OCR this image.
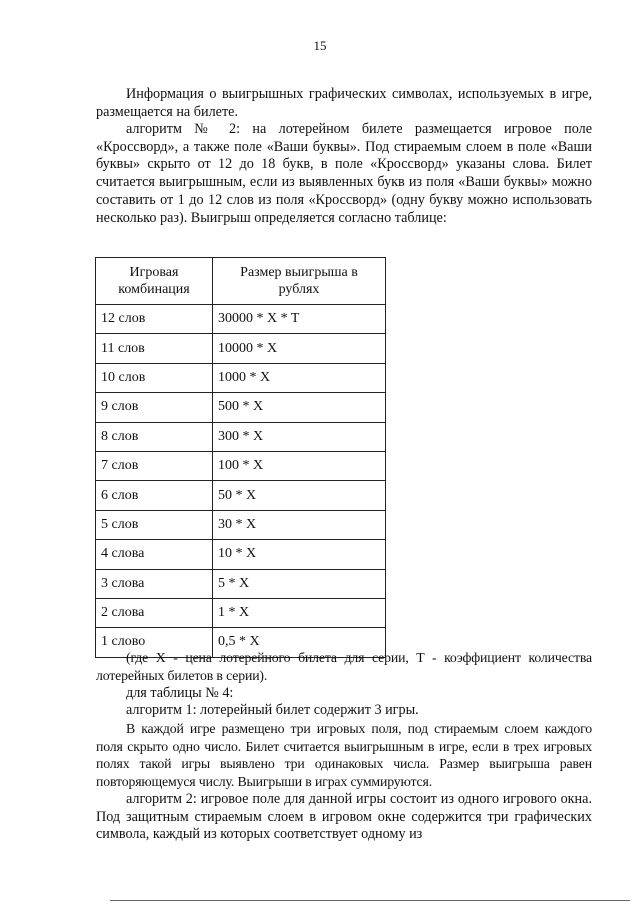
15

Информация о выигрышных графических символах, используемых в игре, размещается на билете.

алгоритм № 2: на лотерейном билете размещается игровое поле «Кроссворд», а также поле «Ваши буквы». Под стираемым слоем в поле «Ваши буквы» скрыто от 12 до 18 букв, в поле «Кроссворд» указаны слова. Билет считается выигрышным, если из выявленных букв из поля «Ваши буквы» можно составить от 1 до 12 слов из поля «Кроссворд» (одну букву можно использовать несколько раз). Выигрыш определяется согласно таблице:

Игровая комбинация	Размер выигрыша в рублях
12 слов	30000 * X * T
11 слов	10000 * X
10 слов	1000 * X
9 слов	500 * X
8 слов	300 * X
7 слов	100 * X
6 слов	50 * X
5 слов	30 * X
4 слова	10 * X
3 слова	5 * X
2 слова	1 * X
1 слово	0,5 * X

(где X - цена лотерейного билета для серии, T - коэффициент количества лотерейных билетов в серии).

для таблицы № 4:

алгоритм 1: лотерейный билет содержит 3 игры.

В каждой игре размещено три игровых поля, под стираемым слоем каждого поля скрыто одно число. Билет считается выигрышным в игре, если в трех игровых полях такой игры выявлено три одинаковых числа. Размер выигрыша равен повторяющемуся числу. Выигрыши в играх суммируются.

алгоритм 2: игровое поле для данной игры состоит из одного игрового окна. Под защитным стираемым слоем в игровом окне содержится три графических символа, каждый из которых соответствует одному из
